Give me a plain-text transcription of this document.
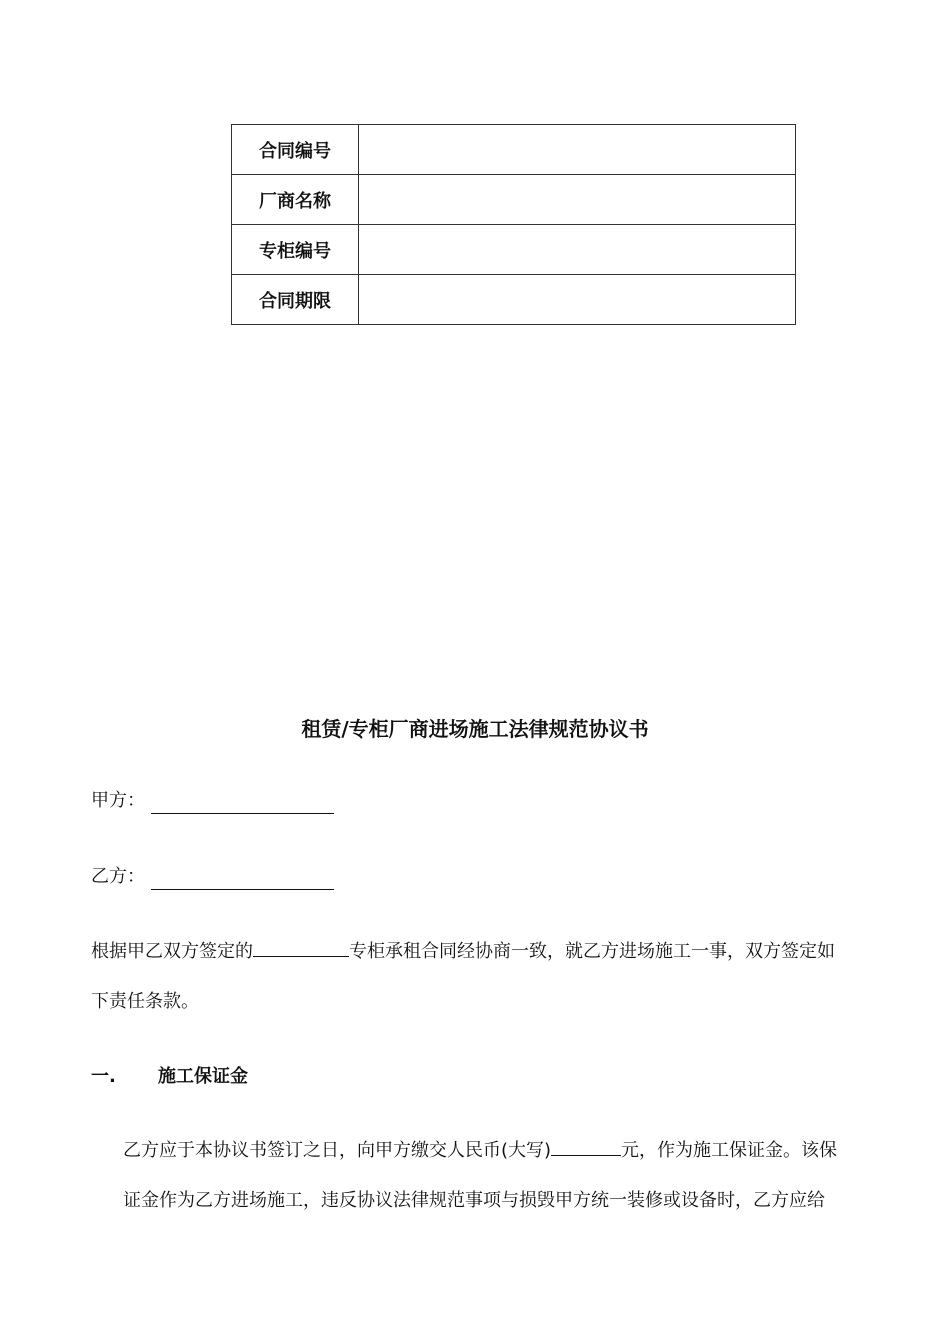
合同编号	
厂商名称	
专柜编号	
合同期限	
租赁/专柜厂商进场施工法律规范协议书
甲方：
乙方：

根据甲乙双方签定的	专柜承租合同经协商一致，就乙方进场施工一事，双方签定如
下责任条款。

一.	施工保证金

乙方应于本协议书签订之日，向甲方缴交人民币(大写)	元，作为施工保证金。该保
证金作为乙方进场施工，违反协议法律规范事项与损毁甲方统一装修或设备时，乙方应给
